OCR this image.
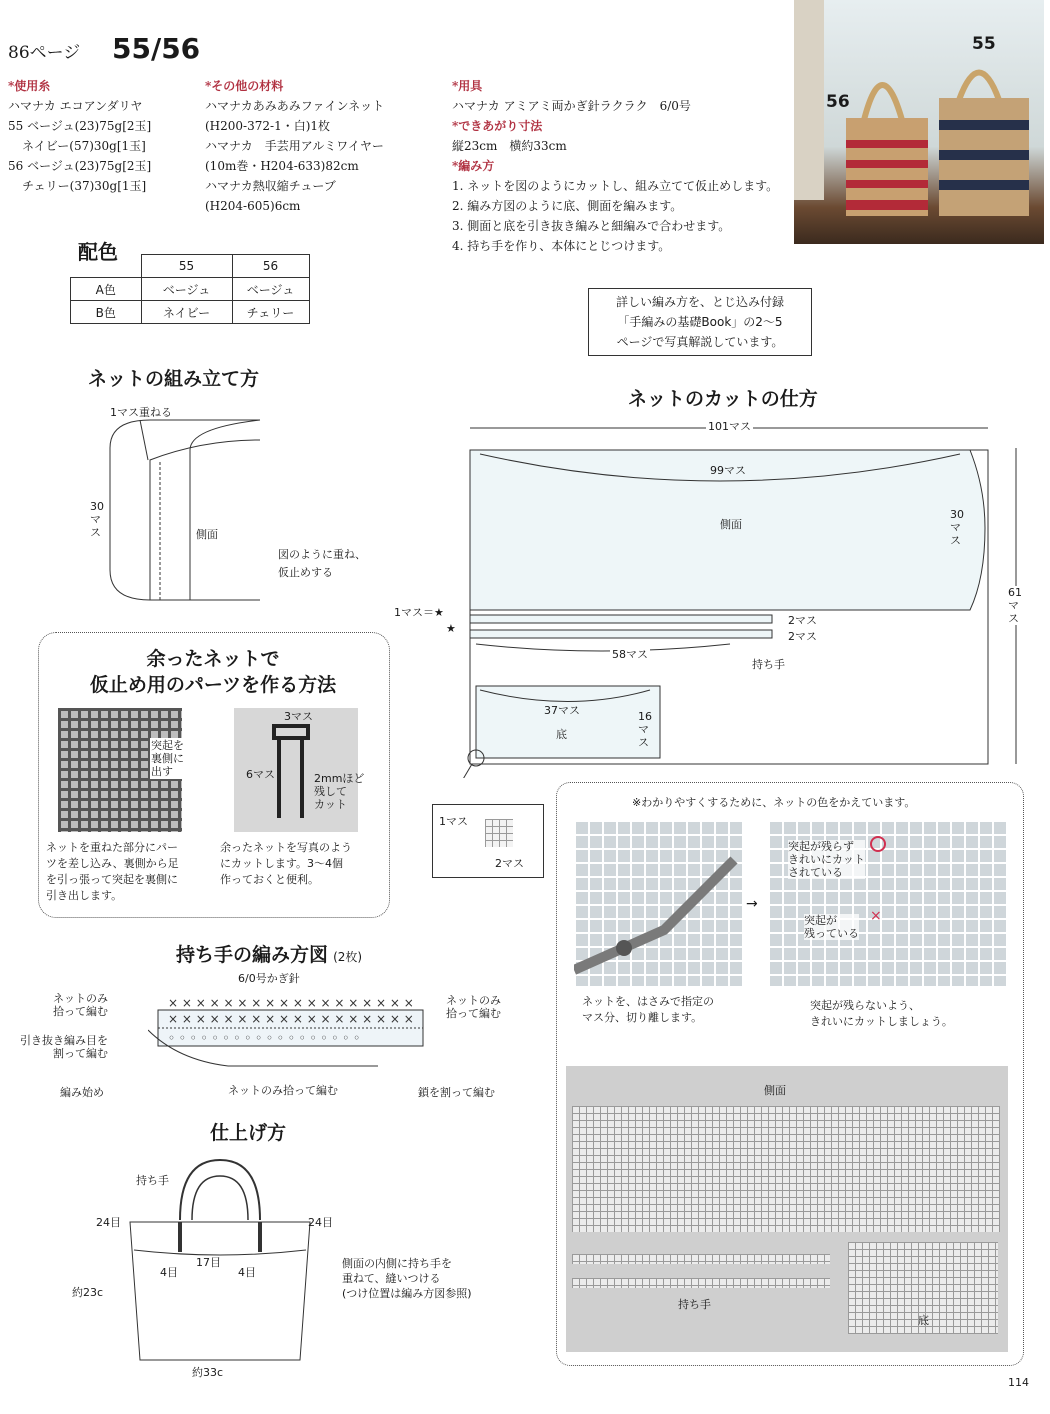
86ページ 55/56
*使用糸
ハマナカ エコアンダリヤ
55 ベージュ(23)75g[2玉]
ネイビー(57)30g[1玉]
56 ベージュ(23)75g[2玉]
チェリー(37)30g[1玉]
*その他の材料
ハマナカあみあみファインネット
(H200-372-1・白)1枚
ハマナカ　手芸用アルミワイヤー
(10m巻・H204-633)82cm
ハマナカ熱収縮チューブ
(H204-605)6cm
*用具
ハマナカ アミアミ両かぎ針ラクラク　6/0号
*できあがり寸法
縦23cm　横約33cm
*編み方
1. ネットを図のようにカットし、組み立てて仮止めします。
2. 編み方図のように底、側面を編みます。
3. 側面と底を引き抜き編みと細編みで合わせます。
4. 持ち手を作り、本体にとじつけます。
55
56
配色
	55	56
A色	ベージュ	ベージュ
B色	ネイビー	チェリー
詳しい編み方を、とじ込み付録
「手編みの基礎Book」の2〜5
ページで写真解説しています。
ネットの組み立て方
1マス重ねる
30マス	側面
図のように重ね、
仮止めする
余ったネットで
仮止め用のパーツを作る方法
突起を
裏側に
出す
3マス
6マス	2mmほど
残して
カット
ネットを重ねた部分にパー
ツを差し込み、裏側から足
を引っ張って突起を裏側に
引き出します。
余ったネットを写真のよう
にカットします。3〜4個
作っておくと便利。
ネットのカットの仕方
101マス
99マス
側面
30マス
61マス
1マス＝★
★
2マス
2マス
58マス
持ち手
37マス
底
16マス
1マス
2マス
※わかりやすくするために、ネットの色をかえています。
→
突起が残らず
きれいにカット
されている
突起が
残っている
×
ネットを、はさみで指定の
マス分、切り離します。
突起が残らないよう、
きれいにカットしましょう。
側面
持ち手
底
持ち手の編み方図 (2枚)
6/0号かぎ針
× × × × × × × × × × × × × × × × × ×
× × × × × × × × × × × × × × × × × ×
◦ ◦ ◦ ◦ ◦ ◦ ◦ ◦ ◦ ◦ ◦ ◦ ◦ ◦ ◦ ◦ ◦ ◦
ネットのみ
拾って編む
引き抜き編み目を
割って編む
編み始め
ネットのみ
拾って編む
ネットのみ拾って編む	鎖を割って編む
仕上げ方
持ち手
24目	24目
17目
4目	4目
約23c
約33c
側面の内側に持ち手を
重ねて、縫いつける
(つけ位置は編み方図参照)
114
